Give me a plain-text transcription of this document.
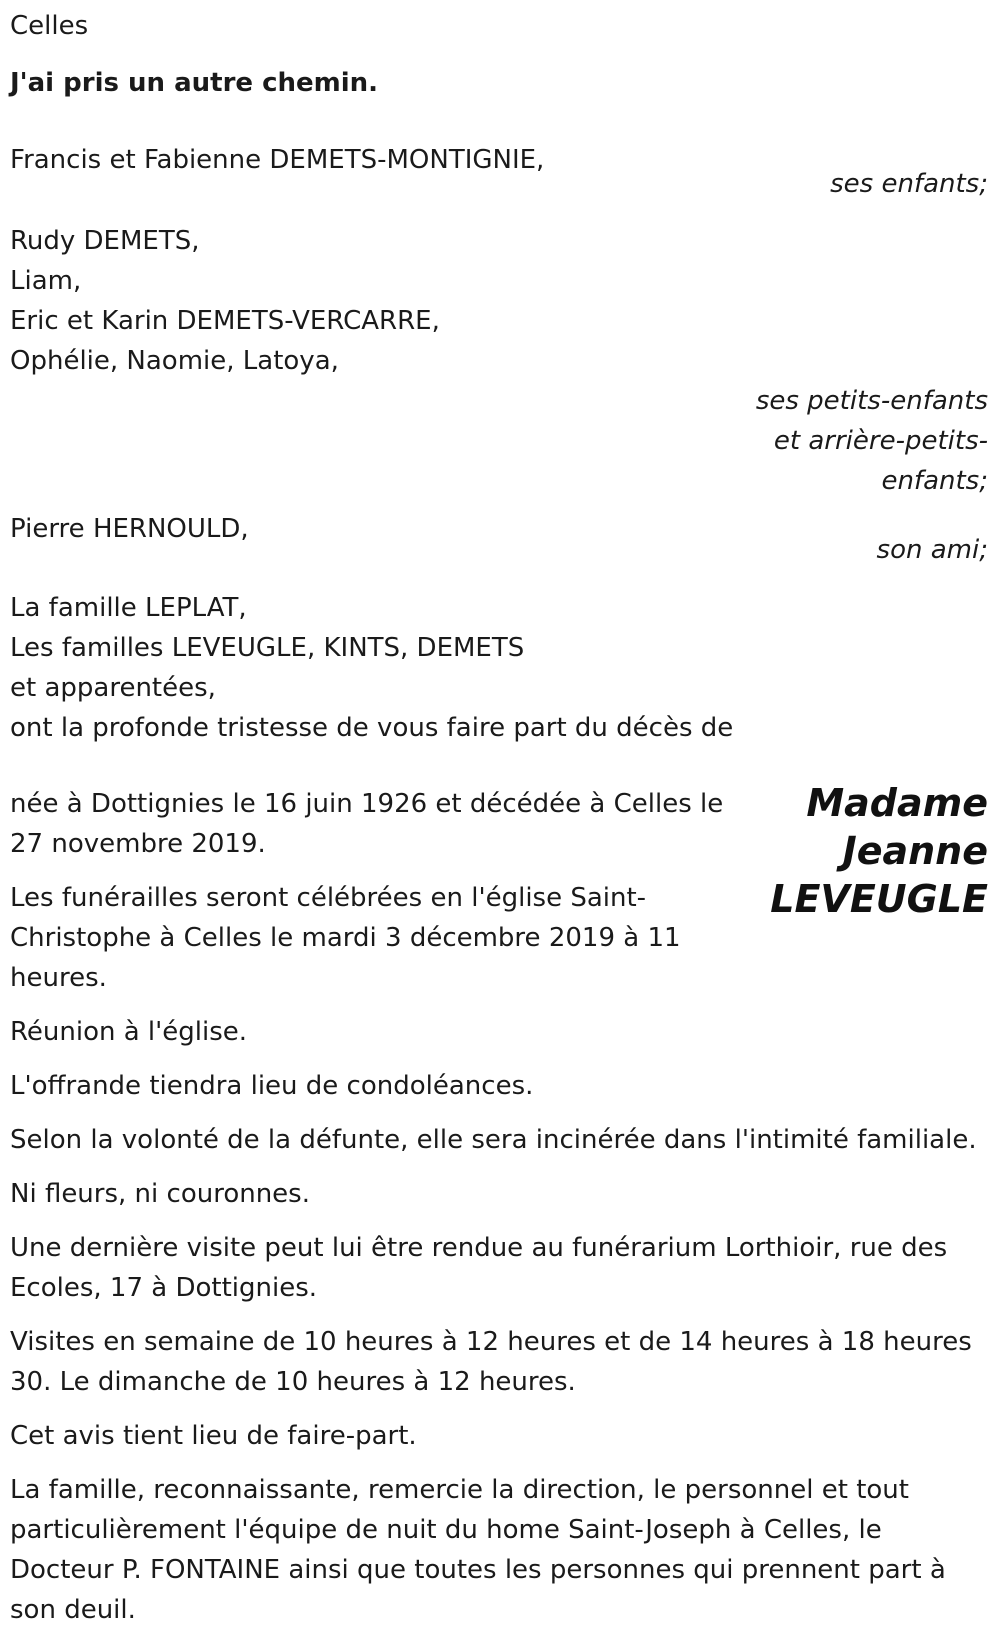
Celles

J'ai pris un autre chemin.

Francis et Fabienne DEMETS-MONTIGNIE,

ses enfants;

Rudy DEMETS,

Liam,

Eric et Karin DEMETS-VERCARRE,

Ophélie, Naomie, Latoya,

ses petits-enfants

et arrière-petits-

enfants;

Pierre HERNOULD,

son ami;

La famille LEPLAT,

Les familles LEVEUGLE, KINTS, DEMETS

et apparentées,

ont la profonde tristesse de vous faire part du décès de

Madame

Jeanne

LEVEUGLE

née à Dottignies le 16 juin 1926 et décédée à Celles le 27 novembre 2019.

Les funérailles seront célébrées en l'église Saint-Christophe à Celles le mardi 3 décembre 2019 à 11 heures.

Réunion à l'église.

L'offrande tiendra lieu de condoléances.

Selon la volonté de la défunte, elle sera incinérée dans l'intimité familiale.

Ni fleurs, ni couronnes.

Une dernière visite peut lui être rendue au funérarium Lorthioir, rue des Ecoles, 17 à Dottignies.

Visites en semaine de 10 heures à 12 heures et de 14 heures à 18 heures 30. Le dimanche de 10 heures à 12 heures.

Cet avis tient lieu de faire-part.

La famille, reconnaissante, remercie la direction, le personnel et tout particulièrement l'équipe de nuit du home Saint-Joseph à Celles, le Docteur P. FONTAINE ainsi que toutes les personnes qui prennent part à son deuil.
